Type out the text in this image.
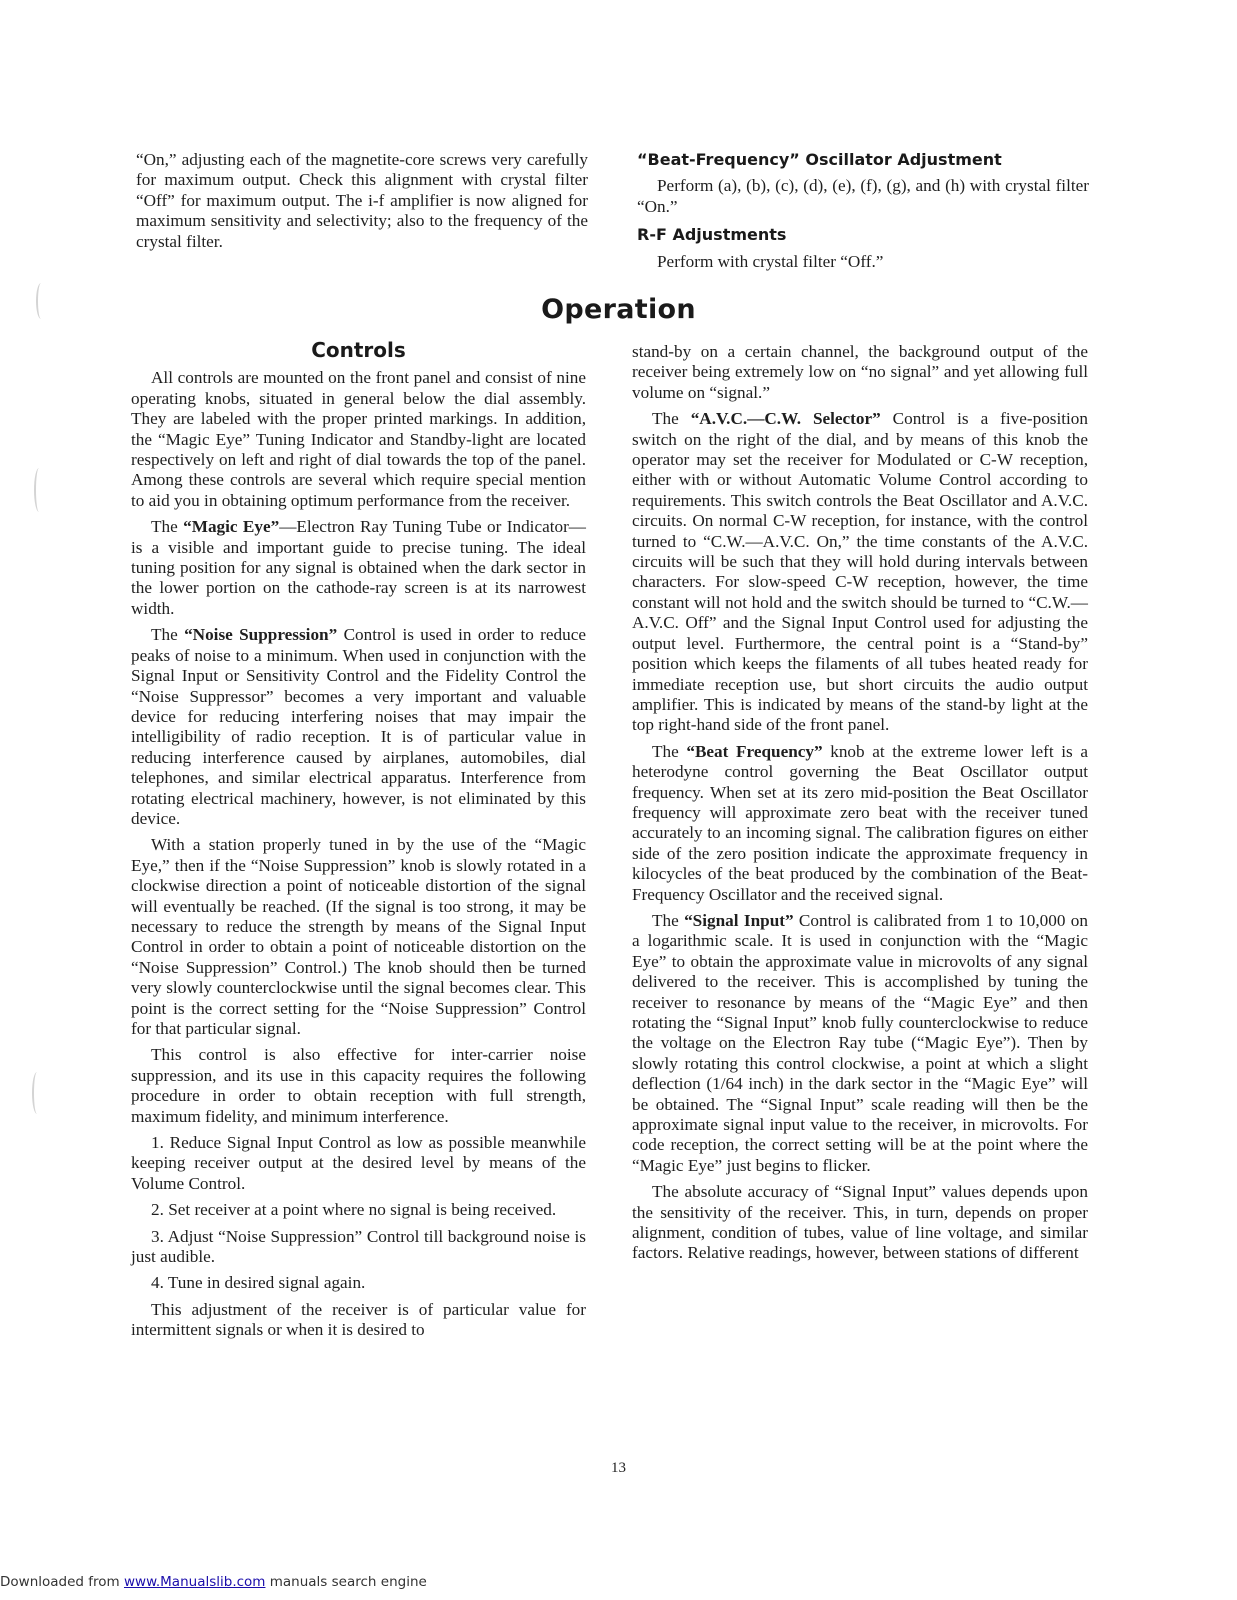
“On,” adjusting each of the magnetite-core screws very carefully for maximum output. Check this alignment with crystal filter “Off” for maximum output. The i-f amplifier is now aligned for maximum sensitivity and selectivity; also to the frequency of the crystal filter.

“Beat-Frequency” Oscillator Adjustment

Perform (a), (b), (c), (d), (e), (f), (g), and (h) with crystal filter “On.”

R-F Adjustments

Perform with crystal filter “Off.”

Operation
Controls

All controls are mounted on the front panel and consist of nine operating knobs, situated in general below the dial assembly. They are labeled with the proper printed markings. In addition, the “Magic Eye” Tuning Indicator and Standby-light are located respectively on left and right of dial towards the top of the panel. Among these controls are several which require special mention to aid you in obtaining optimum performance from the receiver.

The “Magic Eye”—Electron Ray Tuning Tube or Indicator—is a visible and important guide to precise tuning. The ideal tuning position for any signal is obtained when the dark sector in the lower portion on the cathode-ray screen is at its narrowest width.

The “Noise Suppression” Control is used in order to reduce peaks of noise to a minimum. When used in conjunction with the Signal Input or Sensitivity Control and the Fidelity Control the “Noise Suppressor” becomes a very important and valuable device for reducing interfering noises that may impair the intelligibility of radio reception. It is of particular value in reducing interference caused by airplanes, automobiles, dial telephones, and similar electrical apparatus. Interference from rotating electrical machinery, however, is not eliminated by this device.

With a station properly tuned in by the use of the “Magic Eye,” then if the “Noise Suppression” knob is slowly rotated in a clockwise direction a point of noticeable distortion of the signal will eventually be reached. (If the signal is too strong, it may be necessary to reduce the strength by means of the Signal Input Control in order to obtain a point of noticeable distortion on the “Noise Suppression” Control.) The knob should then be turned very slowly counterclockwise until the signal becomes clear. This point is the correct setting for the “Noise Suppression” Control for that particular signal.

This control is also effective for inter-carrier noise suppression, and its use in this capacity requires the following procedure in order to obtain reception with full strength, maximum fidelity, and minimum interference.

1. Reduce Signal Input Control as low as possible meanwhile keeping receiver output at the desired level by means of the Volume Control.

2. Set receiver at a point where no signal is being received.

3. Adjust “Noise Suppression” Control till background noise is just audible.

4. Tune in desired signal again.

This adjustment of the receiver is of particular value for intermittent signals or when it is desired to

stand-by on a certain channel, the background output of the receiver being extremely low on “no signal” and yet allowing full volume on “signal.”

The “A.V.C.—C.W. Selector” Control is a five-position switch on the right of the dial, and by means of this knob the operator may set the receiver for Modulated or C-W reception, either with or without Automatic Volume Control according to requirements. This switch controls the Beat Oscillator and A.V.C. circuits. On normal C-W reception, for instance, with the control turned to “C.W.—A.V.C. On,” the time constants of the A.V.C. circuits will be such that they will hold during intervals between characters. For slow-speed C-W reception, however, the time constant will not hold and the switch should be turned to “C.W.—A.V.C. Off” and the Signal Input Control used for adjusting the output level. Furthermore, the central point is a “Stand-by” position which keeps the filaments of all tubes heated ready for immediate reception use, but short circuits the audio output amplifier. This is indicated by means of the stand-by light at the top right-hand side of the front panel.

The “Beat Frequency” knob at the extreme lower left is a heterodyne control governing the Beat Oscillator output frequency. When set at its zero mid-position the Beat Oscillator frequency will approximate zero beat with the receiver tuned accurately to an incoming signal. The calibration figures on either side of the zero position indicate the approximate frequency in kilocycles of the beat produced by the combination of the Beat-Frequency Oscillator and the received signal.

The “Signal Input” Control is calibrated from 1 to 10,000 on a logarithmic scale. It is used in conjunction with the “Magic Eye” to obtain the approximate value in microvolts of any signal delivered to the receiver. This is accomplished by tuning the receiver to resonance by means of the “Magic Eye” and then rotating the “Signal Input” knob fully counterclockwise to reduce the voltage on the Electron Ray tube (“Magic Eye”). Then by slowly rotating this control clockwise, a point at which a slight deflection (1/64 inch) in the dark sector in the “Magic Eye” will be obtained. The “Signal Input” scale reading will then be the approximate signal input value to the receiver, in microvolts. For code reception, the correct setting will be at the point where the “Magic Eye” just begins to flicker.

The absolute accuracy of “Signal Input” values depends upon the sensitivity of the receiver. This, in turn, depends on proper alignment, condition of tubes, value of line voltage, and similar factors. Relative readings, however, between stations of different

13
Downloaded from www.Manualslib.com manuals search engine
